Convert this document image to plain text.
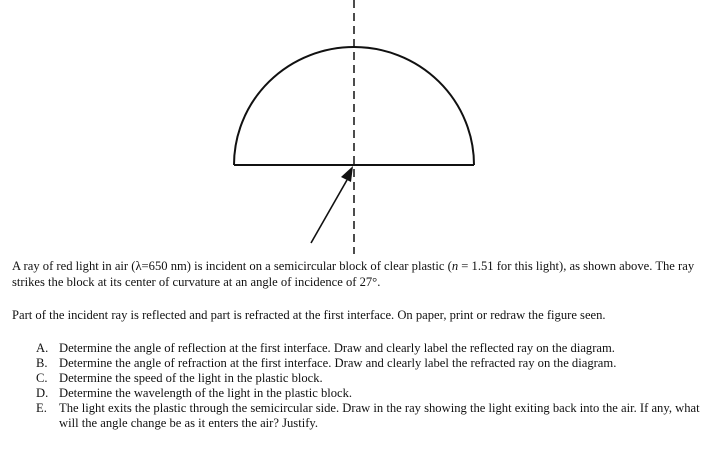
A ray of red light in air (λ=650 nm) is incident on a semicircular block of clear plastic (n = 1.51 for this light), as shown above. The ray strikes the block at its center of curvature at an angle of incidence of 27°.

Part of the incident ray is reflected and part is refracted at the first interface. On paper, print or redraw the figure seen.

A. Determine the angle of reflection at the first interface. Draw and clearly label the reflected ray on the diagram.
B. Determine the angle of refraction at the first interface. Draw and clearly label the refracted ray on the diagram.
C. Determine the speed of the light in the plastic block.
D. Determine the wavelength of the light in the plastic block.
E. The light exits the plastic through the semicircular side. Draw in the ray showing the light exiting back into the air. If any, what will the angle change be as it enters the air? Justify.
